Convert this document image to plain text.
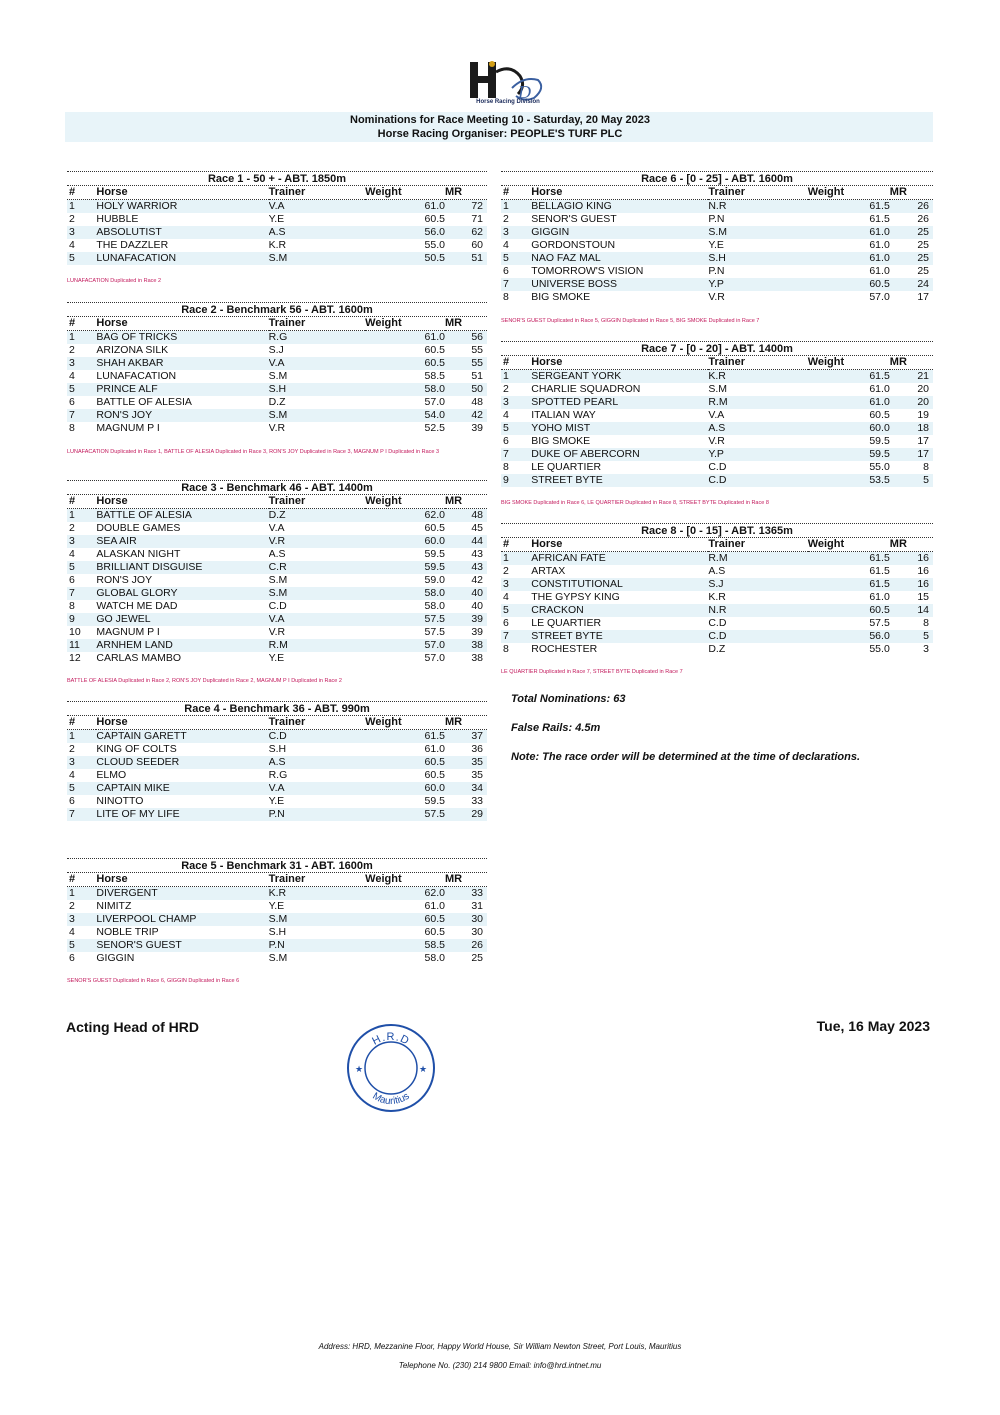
D
Horse Racing Division
Nominations for Race Meeting 10 - Saturday, 20 May 2023
Horse Racing Organiser: PEOPLE'S TURF PLC
Race 1 - 50 + - ABT. 1850m
#	Horse	Trainer	Weight	MR
1	HOLY WARRIOR	V.A	61.0	72
2	HUBBLE	Y.E	60.5	71
3	ABSOLUTIST	A.S	56.0	62
4	THE DAZZLER	K.R	55.0	60
5	LUNAFACATION	S.M	50.5	51
LUNAFACATION Duplicated in Race 2
Race 2 - Benchmark 56 - ABT. 1600m
#	Horse	Trainer	Weight	MR
1	BAG OF TRICKS	R.G	61.0	56
2	ARIZONA SILK	S.J	60.5	55
3	SHAH AKBAR	V.A	60.5	55
4	LUNAFACATION	S.M	58.5	51
5	PRINCE ALF	S.H	58.0	50
6	BATTLE OF ALESIA	D.Z	57.0	48
7	RON'S JOY	S.M	54.0	42
8	MAGNUM P I	V.R	52.5	39
LUNAFACATION Duplicated in Race 1, BATTLE OF ALESIA Duplicated in Race 3, RON'S JOY Duplicated in Race 3, MAGNUM P I Duplicated in Race 3
Race 3 - Benchmark 46 - ABT. 1400m
#	Horse	Trainer	Weight	MR
1	BATTLE OF ALESIA	D.Z	62.0	48
2	DOUBLE GAMES	V.A	60.5	45
3	SEA AIR	V.R	60.0	44
4	ALASKAN NIGHT	A.S	59.5	43
5	BRILLIANT DISGUISE	C.R	59.5	43
6	RON'S JOY	S.M	59.0	42
7	GLOBAL GLORY	S.M	58.0	40
8	WATCH ME DAD	C.D	58.0	40
9	GO JEWEL	V.A	57.5	39
10	MAGNUM P I	V.R	57.5	39
11	ARNHEM LAND	R.M	57.0	38
12	CARLAS MAMBO	Y.E	57.0	38
BATTLE OF ALESIA Duplicated in Race 2, RON'S JOY Duplicated in Race 2, MAGNUM P I Duplicated in Race 2
Race 4 - Benchmark 36 - ABT. 990m
#	Horse	Trainer	Weight	MR
1	CAPTAIN GARETT	C.D	61.5	37
2	KING OF COLTS	S.H	61.0	36
3	CLOUD SEEDER	A.S	60.5	35
4	ELMO	R.G	60.5	35
5	CAPTAIN MIKE	V.A	60.0	34
6	NINOTTO	Y.E	59.5	33
7	LITE OF MY LIFE	P.N	57.5	29
Race 5 - Benchmark 31 - ABT. 1600m
#	Horse	Trainer	Weight	MR
1	DIVERGENT	K.R	62.0	33
2	NIMITZ	Y.E	61.0	31
3	LIVERPOOL CHAMP	S.M	60.5	30
4	NOBLE TRIP	S.H	60.5	30
5	SENOR'S GUEST	P.N	58.5	26
6	GIGGIN	S.M	58.0	25
SENOR'S GUEST Duplicated in Race 6, GIGGIN Duplicated in Race 6
Race 6 - [0 - 25] - ABT. 1600m
#	Horse	Trainer	Weight	MR
1	BELLAGIO KING	N.R	61.5	26
2	SENOR'S GUEST	P.N	61.5	26
3	GIGGIN	S.M	61.0	25
4	GORDONSTOUN	Y.E	61.0	25
5	NAO FAZ MAL	S.H	61.0	25
6	TOMORROW'S VISION	P.N	61.0	25
7	UNIVERSE BOSS	Y.P	60.5	24
8	BIG SMOKE	V.R	57.0	17
SENOR'S GUEST Duplicated in Race 5, GIGGIN Duplicated in Race 5, BIG SMOKE Duplicated in Race 7
Race 7 - [0 - 20] - ABT. 1400m
#	Horse	Trainer	Weight	MR
1	SERGEANT YORK	K.R	61.5	21
2	CHARLIE SQUADRON	S.M	61.0	20
3	SPOTTED PEARL	R.M	61.0	20
4	ITALIAN WAY	V.A	60.5	19
5	YOHO MIST	A.S	60.0	18
6	BIG SMOKE	V.R	59.5	17
7	DUKE OF ABERCORN	Y.P	59.5	17
8	LE QUARTIER	C.D	55.0	8
9	STREET BYTE	C.D	53.5	5
BIG SMOKE Duplicated in Race 6, LE QUARTIER Duplicated in Race 8, STREET BYTE Duplicated in Race 8
Race 8 - [0 - 15] - ABT. 1365m
#	Horse	Trainer	Weight	MR
1	AFRICAN FATE	R.M	61.5	16
2	ARTAX	A.S	61.5	16
3	CONSTITUTIONAL	S.J	61.5	16
4	THE GYPSY KING	K.R	61.0	15
5	CRACKON	N.R	60.5	14
6	LE QUARTIER	C.D	57.5	8
7	STREET BYTE	C.D	56.0	5
8	ROCHESTER	D.Z	55.0	3
LE QUARTIER Duplicated in Race 7, STREET BYTE Duplicated in Race 7
Total Nominations: 63
False Rails: 4.5m
Note: The race order will be determined at the time of declarations.
Acting Head of HRD	Tue, 16 May 2023
H.R.D
Mauritius
★	★
Address: HRD, Mezzanine Floor, Happy World House, Sir William Newton Street, Port Louis, Mauritius
Telephone No. (230) 214 9800 Email: info@hrd.intnet.mu
